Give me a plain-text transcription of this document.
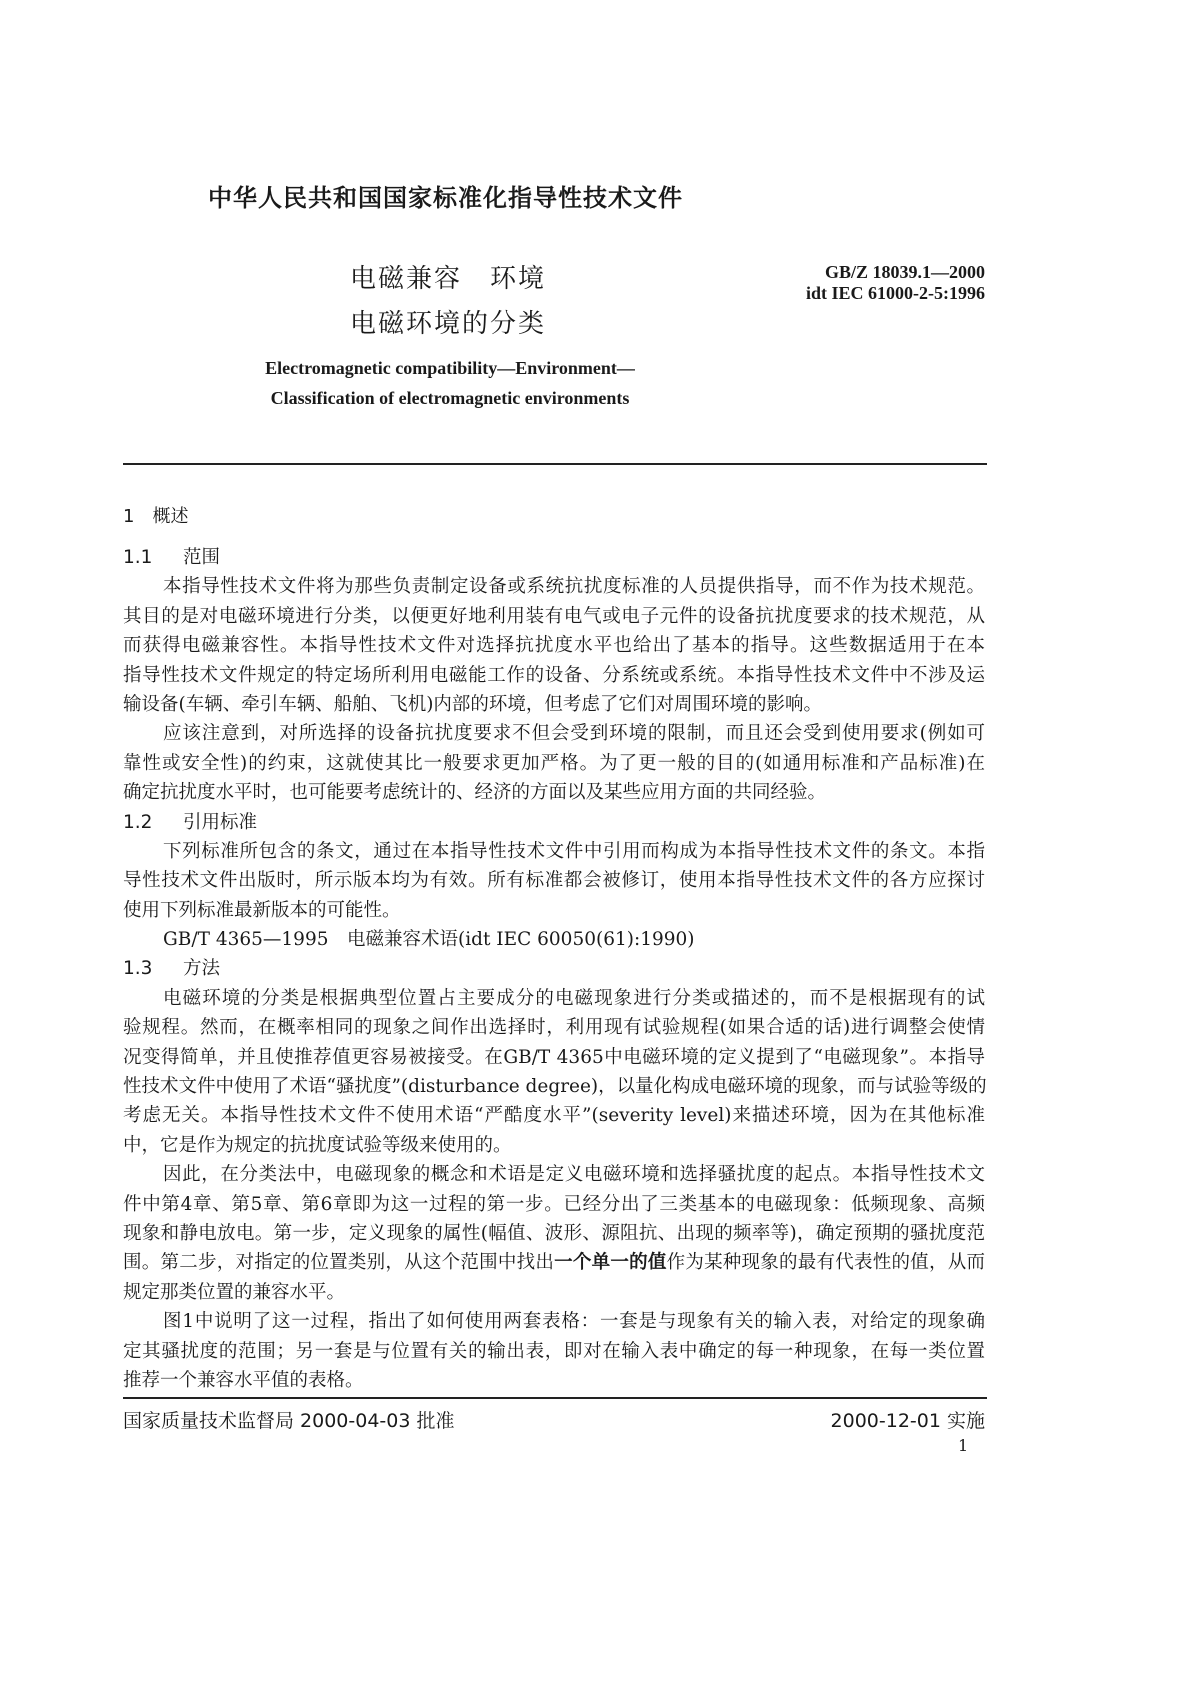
中华人民共和国国家标准化指导性技术文件
电磁兼容　环境
电磁环境的分类
GB/Z 18039.1—2000
idt IEC 61000-2-5:1996
Electromagnetic compatibility—Environment—
Classification of electromagnetic environments
1　概述
1.1 范围
本指导性技术文件将为那些负责制定设备或系统抗扰度标准的人员提供指导，而不作为技术规范。
其目的是对电磁环境进行分类，以便更好地利用装有电气或电子元件的设备抗扰度要求的技术规范，从
而获得电磁兼容性。本指导性技术文件对选择抗扰度水平也给出了基本的指导。这些数据适用于在本
指导性技术文件规定的特定场所利用电磁能工作的设备、分系统或系统。本指导性技术文件中不涉及运
输设备(车辆、牵引车辆、船舶、飞机)内部的环境，但考虑了它们对周围环境的影响。
应该注意到，对所选择的设备抗扰度要求不但会受到环境的限制，而且还会受到使用要求(例如可
靠性或安全性)的约束，这就使其比一般要求更加严格。为了更一般的目的(如通用标准和产品标准)在
确定抗扰度水平时，也可能要考虑统计的、经济的方面以及某些应用方面的共同经验。
1.2 引用标准
下列标准所包含的条文，通过在本指导性技术文件中引用而构成为本指导性技术文件的条文。本指
导性技术文件出版时，所示版本均为有效。所有标准都会被修订，使用本指导性技术文件的各方应探讨
使用下列标准最新版本的可能性。
GB/T 4365—1995　电磁兼容术语(idt IEC 60050(61):1990)
1.3 方法
电磁环境的分类是根据典型位置占主要成分的电磁现象进行分类或描述的，而不是根据现有的试
验规程。然而，在概率相同的现象之间作出选择时，利用现有试验规程(如果合适的话)进行调整会使情
况变得简单，并且使推荐值更容易被接受。在GB/T 4365中电磁环境的定义提到了“电磁现象”。本指导
性技术文件中使用了术语“骚扰度”(disturbance degree)，以量化构成电磁环境的现象，而与试验等级的
考虑无关。本指导性技术文件不使用术语“严酷度水平”(severity level)来描述环境，因为在其他标准
中，它是作为规定的抗扰度试验等级来使用的。
因此，在分类法中，电磁现象的概念和术语是定义电磁环境和选择骚扰度的起点。本指导性技术文
件中第4章、第5章、第6章即为这一过程的第一步。已经分出了三类基本的电磁现象：低频现象、高频
现象和静电放电。第一步，定义现象的属性(幅值、波形、源阻抗、出现的频率等)，确定预期的骚扰度范
围。第二步，对指定的位置类别，从这个范围中找出一个单一的值作为某种现象的最有代表性的值，从而
规定那类位置的兼容水平。
图1中说明了这一过程，指出了如何使用两套表格：一套是与现象有关的输入表，对给定的现象确
定其骚扰度的范围；另一套是与位置有关的输出表，即对在输入表中确定的每一种现象，在每一类位置
推荐一个兼容水平值的表格。
国家质量技术监督局 2000-04-03 批准	2000-12-01 实施
1
